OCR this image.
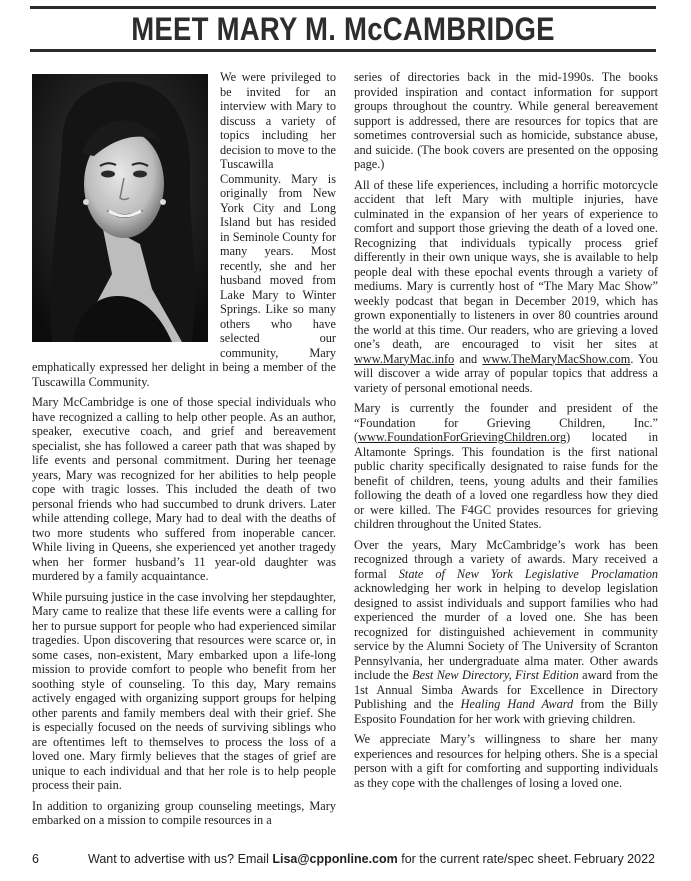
MEET MARY M. McCAMBRIDGE

We were privileged to be invited for an interview with Mary to discuss a variety of topics including her decision to move to the Tuscawilla Community. Mary is originally from New York City and Long Island but has resided in Seminole County for many years. Most recently, she and her husband moved from Lake Mary to Winter Springs. Like so many others who have selected our community, Mary emphatically expressed her delight in being a member of the Tuscawilla Community.

Mary McCambridge is one of those special individuals who have recognized a calling to help other people. As an author, speaker, executive coach, and grief and bereavement specialist, she has followed a career path that was shaped by life events and personal commitment. During her teenage years, Mary was recognized for her abilities to help people cope with tragic losses. This included the death of two personal friends who had succumbed to drunk drivers. Later while attending college, Mary had to deal with the deaths of two more students who suffered from inoperable cancer. While living in Queens, she experienced yet another tragedy when her former husband’s 11 year-old daughter was murdered by a family acquaintance.

While pursuing justice in the case involving her stepdaughter, Mary came to realize that these life events were a calling for her to pursue support for people who had experienced similar tragedies. Upon discovering that resources were scarce or, in some cases, non-existent, Mary embarked upon a life-long mission to provide comfort to people who benefit from her soothing style of counseling. To this day, Mary remains actively engaged with organizing support groups for helping other parents and family members deal with their grief. She is especially focused on the needs of surviving siblings who are oftentimes left to themselves to process the loss of a loved one. Mary firmly believes that the stages of grief are unique to each individual and that her role is to help people process their pain.

In addition to organizing group counseling meetings, Mary embarked on a mission to compile resources in a

series of directories back in the mid-1990s. The books provided inspiration and contact information for support groups throughout the country. While general bereavement support is addressed, there are resources for topics that are sometimes controversial such as homicide, substance abuse, and suicide. (The book covers are presented on the opposing page.)

All of these life experiences, including a horrific motorcycle accident that left Mary with multiple injuries, have culminated in the expansion of her years of experience to comfort and support those grieving the death of a loved one. Recognizing that individuals typically process grief differently in their own unique ways, she is available to help people deal with these epochal events through a variety of mediums. Mary is currently host of “The Mary Mac Show” weekly podcast that began in December 2019, which has grown exponentially to listeners in over 80 countries around the world at this time. Our readers, who are grieving a loved one’s death, are encouraged to visit her sites at www.MaryMac.info and www.TheMaryMacShow.com. You will discover a wide array of popular topics that address a variety of personal emotional needs.

Mary is currently the founder and president of the “Foundation for Grieving Children, Inc.” (www.FoundationForGrievingChildren.org) located in Altamonte Springs. This foundation is the first national public charity specifically designated to raise funds for the benefit of children, teens, young adults and their families following the death of a loved one regardless how they died or were killed. The F4GC provides resources for grieving children throughout the United States.

Over the years, Mary McCambridge’s work has been recognized through a variety of awards. Mary received a formal State of New York Legislative Proclamation acknowledging her work in helping to develop legislation designed to assist individuals and support families who had experienced the murder of a loved one. She has been recognized for distinguished achievement in community service by the Alumni Society of The University of Scranton Pennsylvania, her undergraduate alma mater. Other awards include the Best New Directory, First Edition award from the 1st Annual Simba Awards for Excellence in Directory Publishing and the Healing Hand Award from the Billy Esposito Foundation for her work with grieving children.

We appreciate Mary’s willingness to share her many experiences and resources for helping others. She is a special person with a gift for comforting and supporting individuals as they cope with the challenges of losing a loved one.

6	Want to advertise with us? Email Lisa@cpponline.com for the current rate/spec sheet. February 2022
